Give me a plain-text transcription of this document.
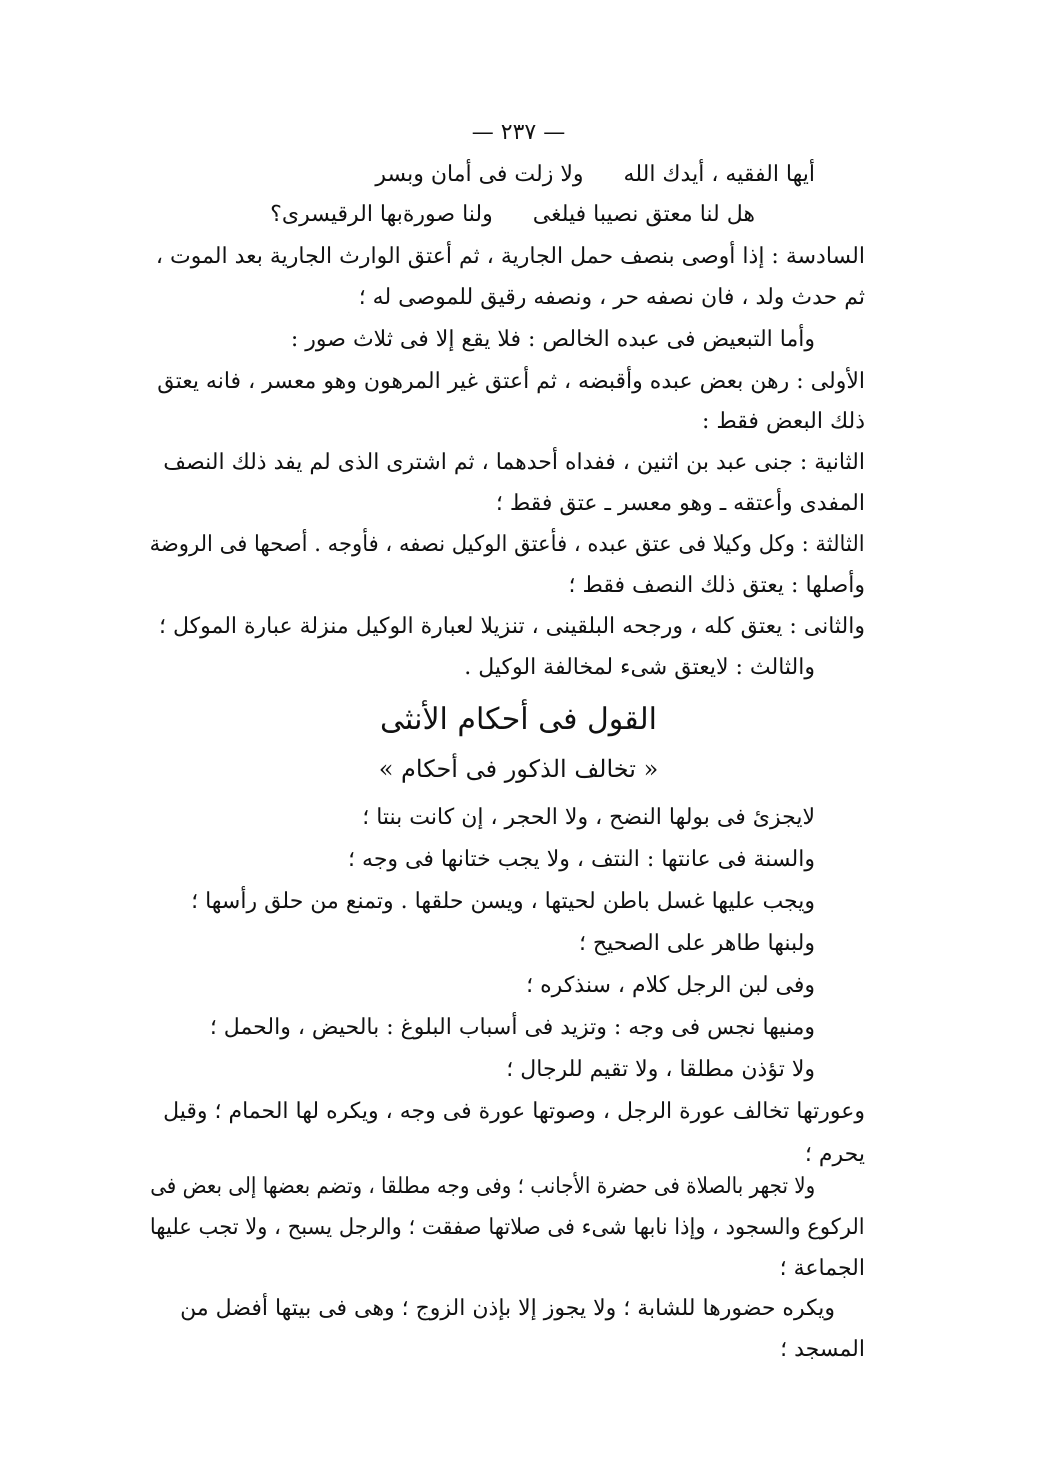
— ٢٣٧ —
أيها الفقيه ، أيدك اللهولا زلت فى أمان وبسر
هل لنا معتق نصيبا فيلغىولنا صورةبها الرقيسرى؟
السادسة : إذا أوصى بنصف حمل الجارية ، ثم أعتق الوارث الجارية بعد الموت ،
ثم حدث ولد ، فان نصفه حر ، ونصفه رقيق للموصى له ؛
وأما التبعيض فى عبده الخالص : فلا يقع إلا فى ثلاث صور :
الأولى : رهن بعض عبده وأقبضه ، ثم أعتق غير المرهون وهو معسر ، فانه يعتق
ذلك البعض فقط :
الثانية : جنى عبد بن اثنين ، ففداه أحدهما ، ثم اشترى الذى لم يفد ذلك النصف
المفدى وأعتقه ـ وهو معسر ـ عتق فقط ؛
الثالثة : وكل وكيلا فى عتق عبده ، فأعتق الوكيل نصفه ، فأوجه . أصحها فى الروضة
وأصلها : يعتق ذلك النصف فقط ؛
والثانى : يعتق كله ، ورجحه البلقينى ، تنزيلا لعبارة الوكيل منزلة عبارة الموكل ؛
والثالث : لايعتق شىء لمخالفة الوكيل .
القول فى أحكام الأنثى
« تخالف الذكور فى أحكام »
لايجزئ فى بولها النضح ، ولا الحجر ، إن كانت بنتا ؛
والسنة فى عانتها : النتف ، ولا يجب ختانها فى وجه ؛
ويجب عليها غسل باطن لحيتها ، ويسن حلقها . وتمنع من حلق رأسها ؛
ولبنها طاهر على الصحيح ؛
وفى لبن الرجل كلام ، سنذكره ؛
ومنيها نجس فى وجه : وتزيد فى أسباب البلوغ : بالحيض ، والحمل ؛
ولا تؤذن مطلقا ، ولا تقيم للرجال ؛
وعورتها تخالف عورة الرجل ، وصوتها عورة فى وجه ، ويكره لها الحمام ؛ وقيل
يحرم ؛
ولا تجهر بالصلاة فى حضرة الأجانب ؛ وفى وجه مطلقا ، وتضم بعضها إلى بعض فى
الركوع والسجود ، وإذا نابها شىء فى صلاتها صفقت ؛ والرجل يسبح ، ولا تجب عليها
الجماعة ؛
ويكره حضورها للشابة ؛ ولا يجوز إلا بإذن الزوج ؛ وهى فى بيتها أفضل من
المسجد ؛
